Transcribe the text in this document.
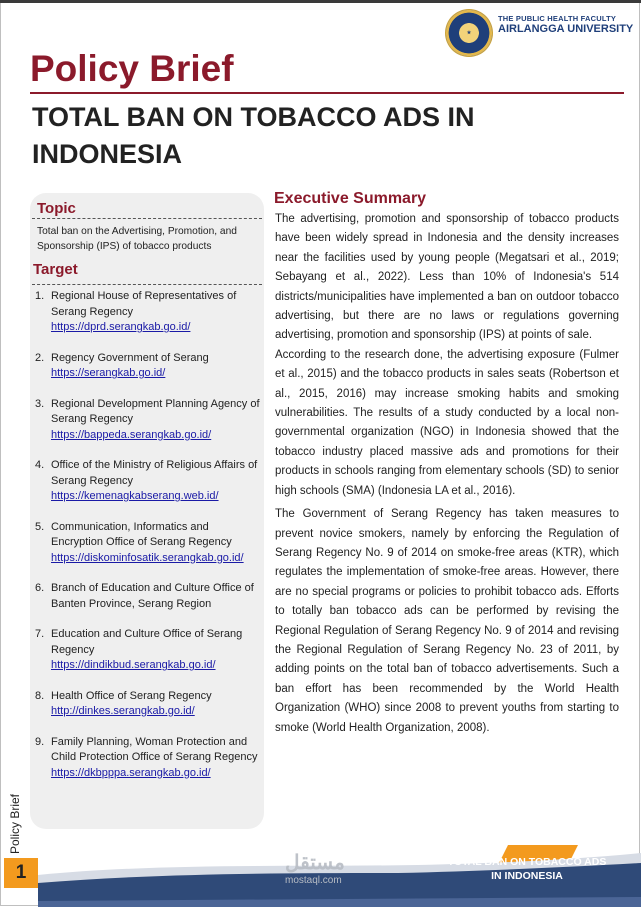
★
THE PUBLIC HEALTH FACULTY
AIRLANGGA UNIVERSITY
Policy Brief
TOTAL BAN ON TOBACCO ADS IN INDONESIA
Topic
Total ban on the Advertising, Promotion, and Sponsorship (IPS) of tobacco products
Target
1. Regional House of Representatives of Serang Regency
https://dprd.serangkab.go.id/
2. Regency Government of Serang
https://serangkab.go.id/
3. Regional Development Planning Agency of Serang Regency
https://bappeda.serangkab.go.id/
4. Office of the Ministry of Religious Affairs of Serang Regency
https://kemenagkabserang.web.id/
5. Communication, Informatics and Encryption Office of Serang Regency
https://diskominfosatik.serangkab.go.id/
6. Branch of Education and Culture Office of Banten Province, Serang Region
7. Education and Culture Office of Serang Regency
https://dindikbud.serangkab.go.id/
8. Health Office of Serang Regency
http://dinkes.serangkab.go.id/
9. Family Planning, Woman Protection and Child Protection Office of Serang Regency
https://dkbpppa.serangkab.go.id/
Executive Summary

The advertising, promotion and sponsorship of tobacco products have been widely spread in Indonesia and the density increases near the facilities used by young people (Megatsari et al., 2019; Sebayang et al., 2022). Less than 10% of Indonesia's 514 districts/municipalities have implemented a ban on outdoor tobacco advertising, but there are no laws or regulations governing advertising, promotion and sponsorship (IPS) at points of sale.

According to the research done, the advertising exposure (Fulmer et al., 2015) and the tobacco products in sales seats (Robertson et al., 2015, 2016) may increase smoking habits and smoking vulnerabilities. The results of a study conducted by a local non-governmental organization (NGO) in Indonesia showed that the tobacco industry placed massive ads and promotions for their products in schools ranging from elementary schools (SD) to senior high schools (SMA) (Indonesia LA et al., 2016).

The Government of Serang Regency has taken measures to prevent novice smokers, namely by enforcing the Regulation of Serang Regency No. 9 of 2014 on smoke-free areas (KTR), which regulates the implementation of smoke-free areas. However, there are no special programs or policies to prohibit tobacco ads. Efforts to totally ban tobacco ads can be performed by revising the Regional Regulation of Serang Regency No. 9 of 2014 and revising the Regional Regulation of Serang Regency No. 23 of 2011, by adding points on the total ban of tobacco advertisements. Such a ban effort has been recommended by the World Health Organization (WHO) since 2008 to prevent youths from starting to smoke (World Health Organization, 2008).

Policy Brief
1	مستقل
mostaql.com
TOTAL BAN ON TOBACCO ADS
IN INDONESIA
